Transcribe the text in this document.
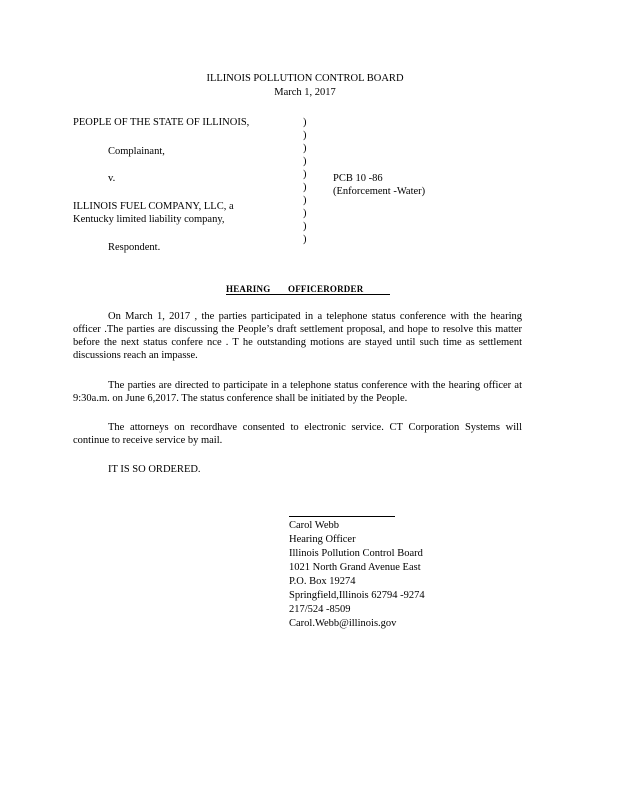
ILLINOIS POLLUTION CONTROL BOARD
March 1, 2017
PEOPLE OF THE STATE OF ILLINOIS,
Complainant,
v.
ILLINOIS FUEL COMPANY, LLC, a
Kentucky limited liability company,
Respondent.
)
)
)
)
)
)
)
)
)
)
PCB 10 -86
(Enforcement -Water)
HEARING OFFICERORDER
On March 1, 2017 , the parties participated in a telephone status conference with the hearing officer .The parties are discussing the People’s draft settlement proposal, and hope to resolve this matter before the next status confere nce . T he outstanding motions are stayed until such time as settlement discussions reach an impasse.
The parties are directed to participate in a telephone status conference with the hearing officer at 9:30a.m. on June 6,2017. The status conference shall be initiated by the People.
The attorneys on recordhave consented to electronic service. CT Corporation Systems will continue to receive service by mail.
IT IS SO ORDERED.
Carol Webb
Hearing Officer
Illinois Pollution Control Board
1021 North Grand Avenue East
P.O. Box 19274
Springfield,Illinois 62794 -9274
217/524 -8509
Carol.Webb@illinois.gov
